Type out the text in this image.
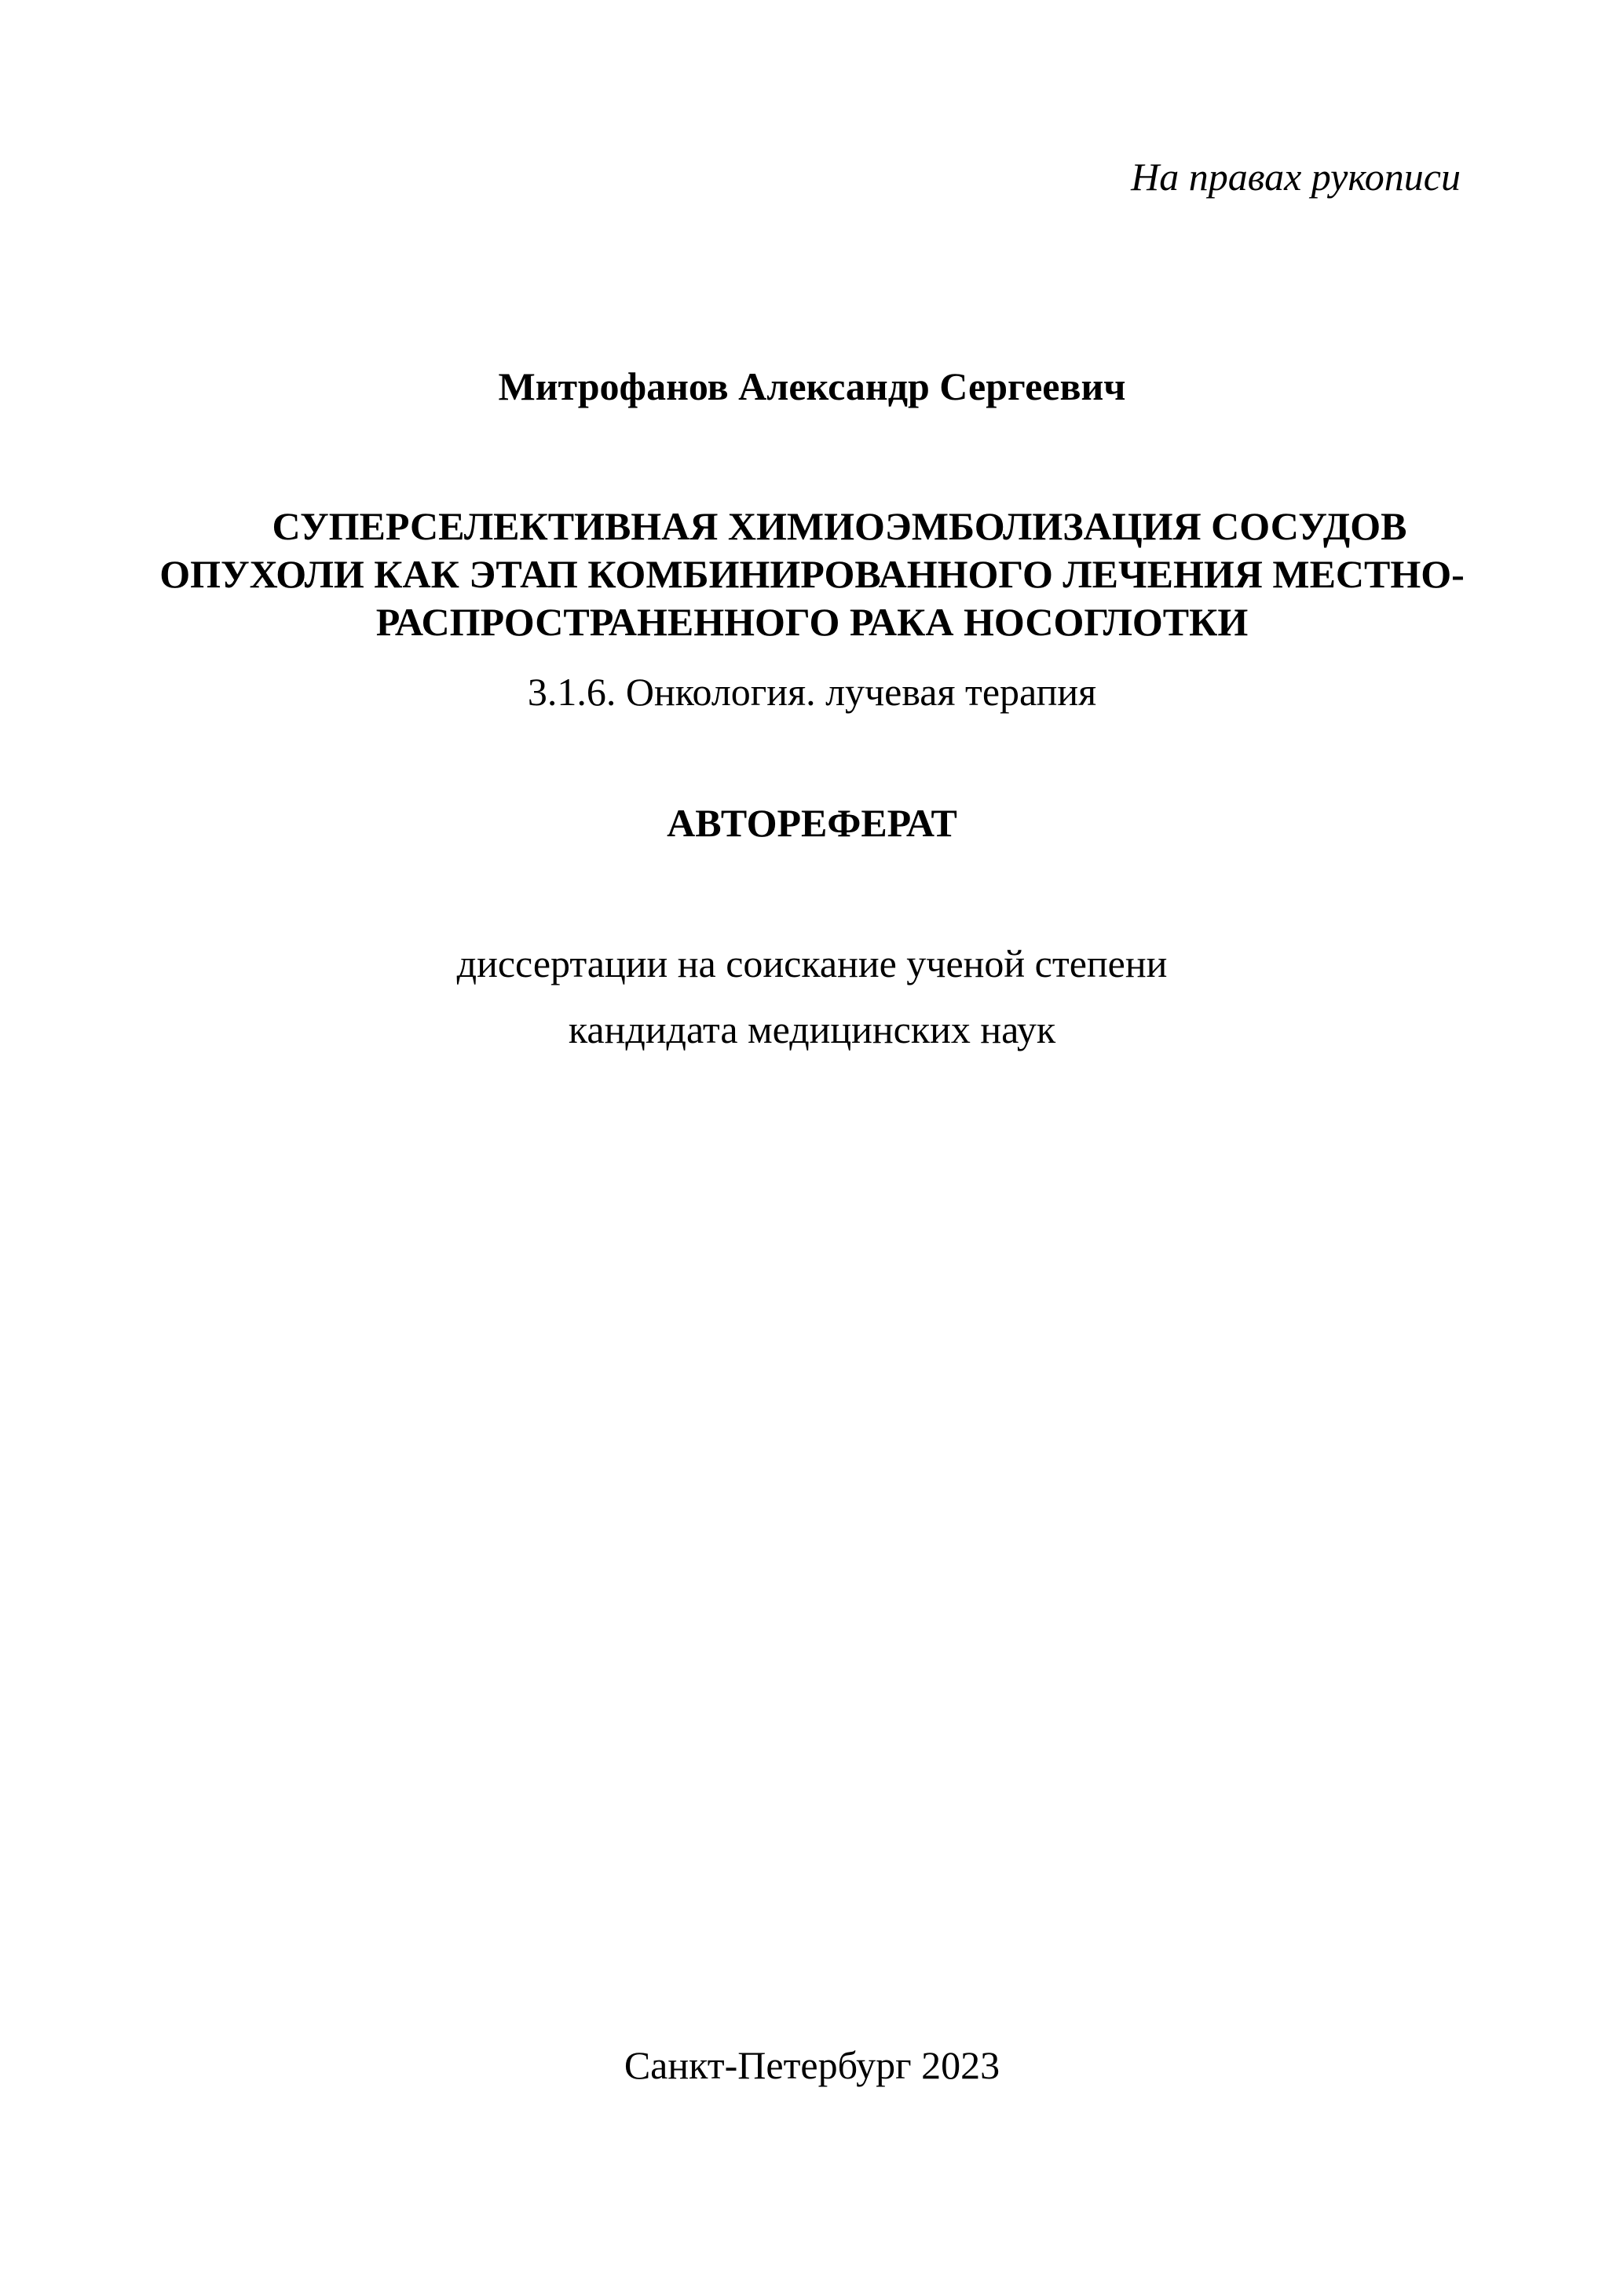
На правах рукописи
Митрофанов Александр Сергеевич
СУПЕРСЕЛЕКТИВНАЯ ХИМИОЭМБОЛИЗАЦИЯ СОСУДОВ
ОПУХОЛИ КАК ЭТАП КОМБИНИРОВАННОГО ЛЕЧЕНИЯ МЕСТНО-
РАСПРОСТРАНЕННОГО РАКА НОСОГЛОТКИ
3.1.6. Онкология. лучевая терапия
АВТОРЕФЕРАТ
диссертации на соискание ученой степени
кандидата медицинских наук
Санкт-Петербург 2023
